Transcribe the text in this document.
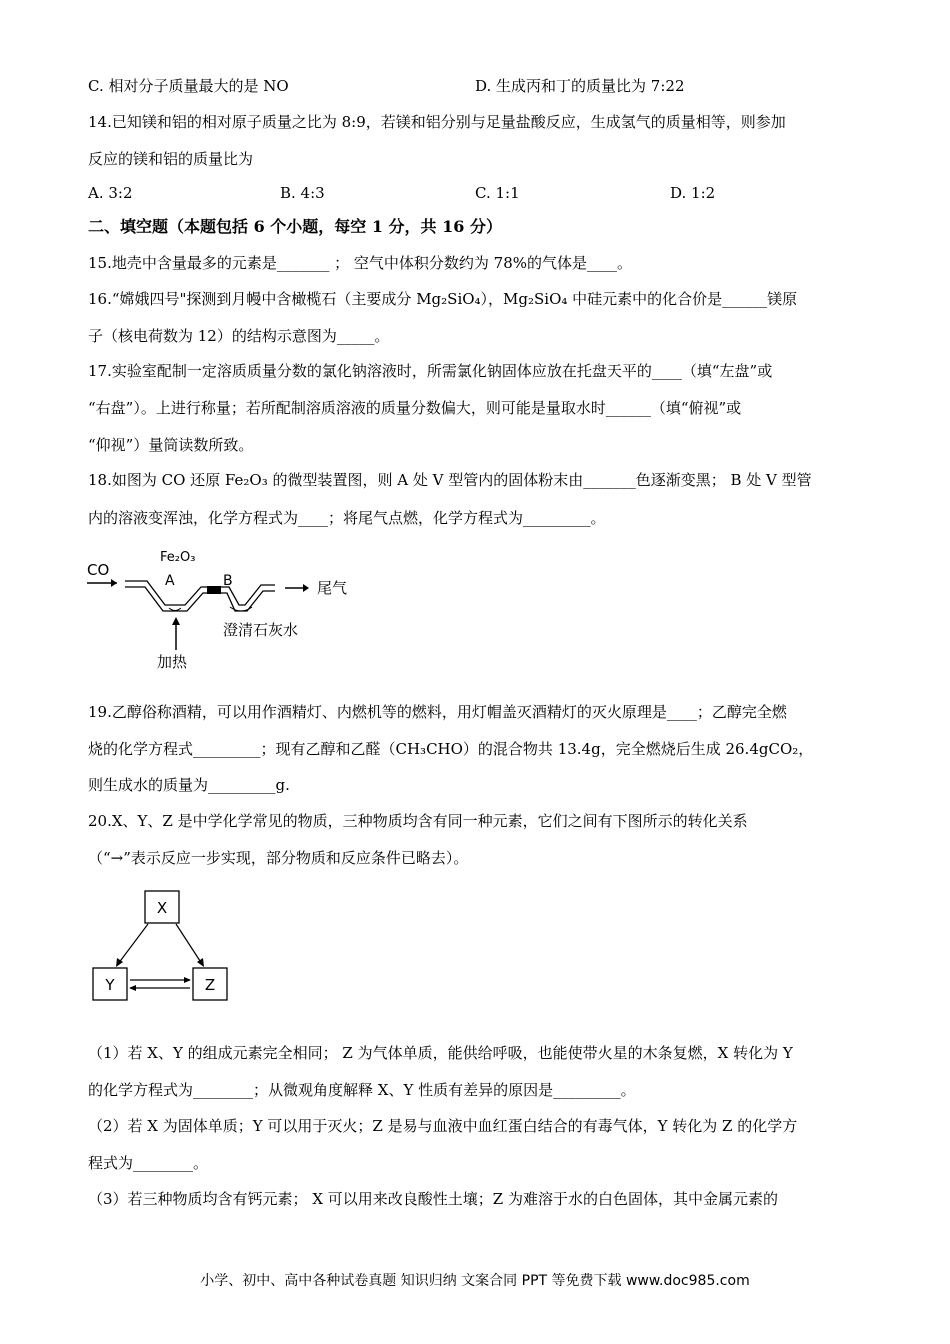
C. 相对分子质量最大的是 NO	D. 生成丙和丁的质量比为 7:22
14.已知镁和铝的相对原子质量之比为 8:9，若镁和铝分别与足量盐酸反应，生成氢气的质量相等，则参加
反应的镁和铝的质量比为
A. 3:2	B. 4:3	C. 1:1	D. 1:2
二、填空题（本题包括 6 个小题，每空 1 分，共 16 分）
15.地壳中含量最多的元素是_______ ； 空气中体积分数约为 78%的气体是____。
16.“嫦娥四号"探测到月幔中含橄榄石（主要成分 Mg₂SiO₄），Mg₂SiO₄ 中硅元素中的化合价是______镁原
子（核电荷数为 12）的结构示意图为_____。
17.实验室配制一定溶质质量分数的氯化钠溶液时，所需氯化钠固体应放在托盘天平的____（填“左盘”或
“右盘”）。上进行称量；若所配制溶质溶液的质量分数偏大，则可能是量取水时______（填“俯视”或
“仰视”）量筒读数所致。
18.如图为 CO 还原 Fe₂O₃ 的微型装置图，则 A 处 V 型管内的固体粉末由_______色逐渐变黑； B 处 V 型管
内的溶液变浑浊，化学方程式为____；将尾气点燃，化学方程式为_________。
CO
Fe₂O₃
A	B	尾气
澄清石灰水
加热
19.乙醇俗称酒精，可以用作酒精灯、内燃机等的燃料，用灯帽盖灭酒精灯的灭火原理是____；乙醇完全燃
烧的化学方程式_________；现有乙醇和乙醛（CH₃CHO）的混合物共 13.4g，完全燃烧后生成 26.4gCO₂，
则生成水的质量为_________g.
20.X、Y、Z 是中学化学常见的物质，三种物质均含有同一种元素，它们之间有下图所示的转化关系
（“→”表示反应一步实现，部分物质和反应条件已略去）。
X
Y	Z
（1）若 X、Y 的组成元素完全相同； Z 为气体单质，能供给呼吸，也能使带火星的木条复燃，X 转化为 Y
的化学方程式为________；从微观角度解释 X、Y 性质有差异的原因是_________。
（2）若 X 为固体单质；Y 可以用于灭火；Z 是易与血液中血红蛋白结合的有毒气体，Y 转化为 Z 的化学方
程式为________。
（3）若三种物质均含有钙元素； X 可以用来改良酸性土壤；Z 为难溶于水的白色固体，其中金属元素的
小学、初中、高中各种试卷真题 知识归纳 文案合同 PPT 等免费下载 www.doc985.com
